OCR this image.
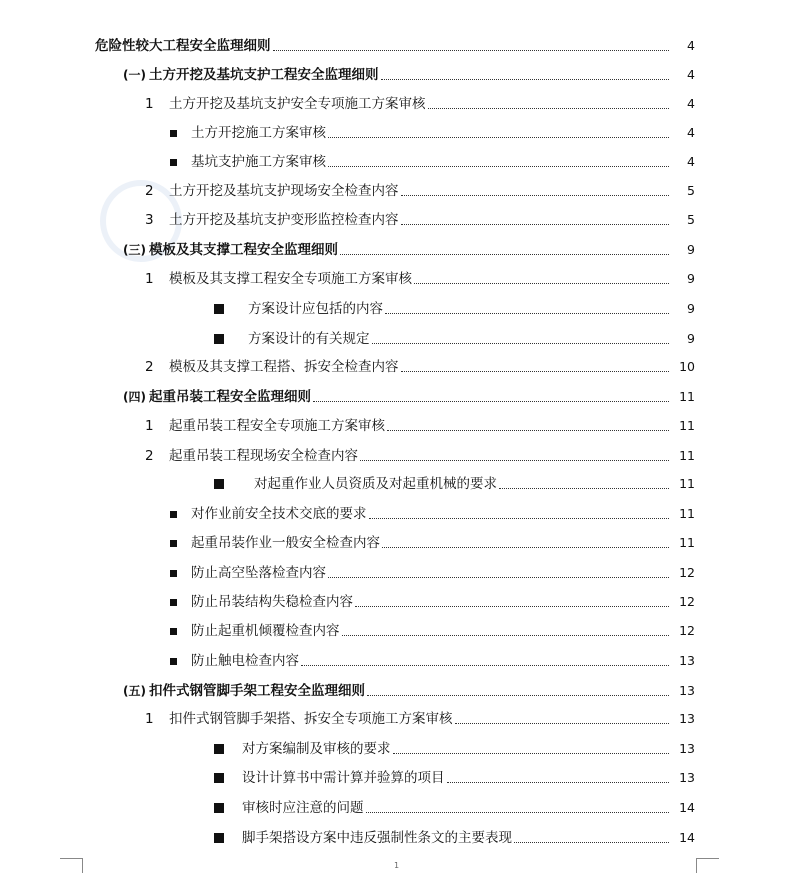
危险性较大工程安全监理细则	4
(一) 土方开挖及基坑支护工程安全监理细则	4
1	土方开挖及基坑支护安全专项施工方案审核	4
土方开挖施工方案审核	4
基坑支护施工方案审核	4
2	土方开挖及基坑支护现场安全检查内容	5
3	土方开挖及基坑支护变形监控检查内容	5
(三) 模板及其支撑工程安全监理细则	9
1	模板及其支撑工程安全专项施工方案审核	9
方案设计应包括的内容	9
方案设计的有关规定	9
2	模板及其支撑工程搭、拆安全检查内容	10
(四) 起重吊装工程安全监理细则	11
1	起重吊装工程安全专项施工方案审核	11
2	起重吊装工程现场安全检查内容	11
对起重作业人员资质及对起重机械的要求	11
对作业前安全技术交底的要求	11
起重吊装作业一般安全检查内容	11
防止高空坠落检查内容	12
防止吊装结构失稳检查内容	12
防止起重机倾覆检查内容	12
防止触电检查内容	13
(五) 扣件式钢管脚手架工程安全监理细则	13
1	扣件式钢管脚手架搭、拆安全专项施工方案审核	13
对方案编制及审核的要求	13
设计计算书中需计算并验算的项目	13
审核时应注意的问题	14
脚手架搭设方案中违反强制性条文的主要表现	14
1
